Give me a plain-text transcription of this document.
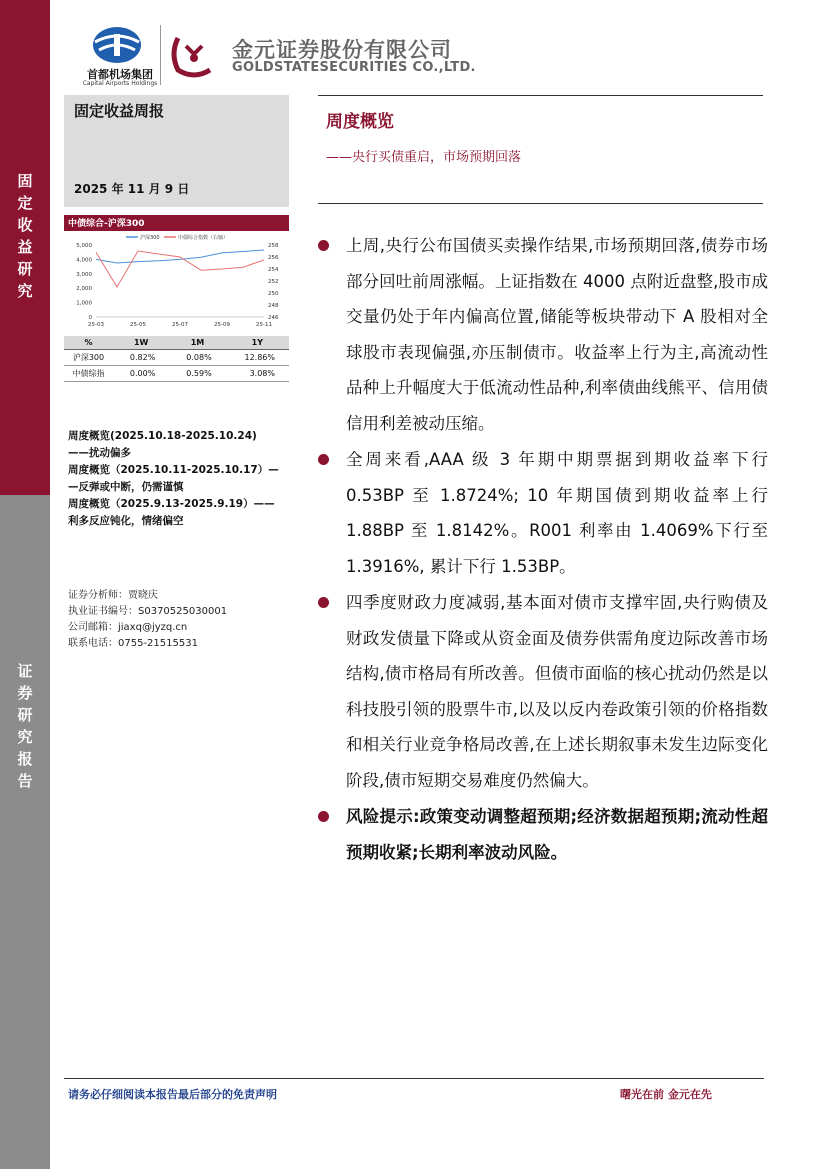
固
定
收
益
研
究
证
券
研
究
报
告
首都机场集团
Capital Airports Holdings
金元证券股份有限公司
GOLDSTATESECURITIES CO.,LTD.
固定收益周报
2025 年 11 月 9 日
周度概览
——央行买债重启，市场预期回落
中债综合-沪深300
沪深300	中债综合指数（右轴）
5,000
4,000
3,000
2,000
1,000
0
258
256
254
252
250
248
246
25-03	25-05	25-07	25-09	25-11
%	1W	1M	1Y
沪深300	0.82%	0.08%	12.86%
中债综指	0.00%	0.59%	3.08%
周度概览(2025.10.18-2025.10.24)
——扰动偏多
周度概览（2025.10.11-2025.10.17）—
—反弹或中断，仍需谨慎
周度概览（2025.9.13-2025.9.19）——
利多反应钝化，情绪偏空
证券分析师：贾晓庆
执业证书编号：S0370525030001
公司邮箱：jiaxq@jyzq.cn
联系电话：0755-21515531
上周,央行公布国债买卖操作结果,市场预期回落,债券市场部分回吐前周涨幅。上证指数在 4000 点附近盘整,股市成交量仍处于年内偏高位置,储能等板块带动下 A 股相对全球股市表现偏强,亦压制债市。收益率上行为主,高流动性品种上升幅度大于低流动性品种,利率债曲线熊平、信用债信用利差被动压缩。
全周来看,AAA 级 3 年期中期票据到期收益率下行 0.53BP 至 1.8724%; 10 年期国债到期收益率上行 1.88BP 至 1.8142%。R001 利率由 1.4069%下行至 1.3916%, 累计下行 1.53BP。
四季度财政力度减弱,基本面对债市支撑牢固,央行购债及财政发债量下降或从资金面及债券供需角度边际改善市场结构,债市格局有所改善。但债市面临的核心扰动仍然是以科技股引领的股票牛市,以及以反内卷政策引领的价格指数和相关行业竞争格局改善,在上述长期叙事未发生边际变化阶段,债市短期交易难度仍然偏大。
风险提示:政策变动调整超预期;经济数据超预期;流动性超预期收紧;长期利率波动风险。
请务必仔细阅读本报告最后部分的免责声明	曙光在前 金元在先
